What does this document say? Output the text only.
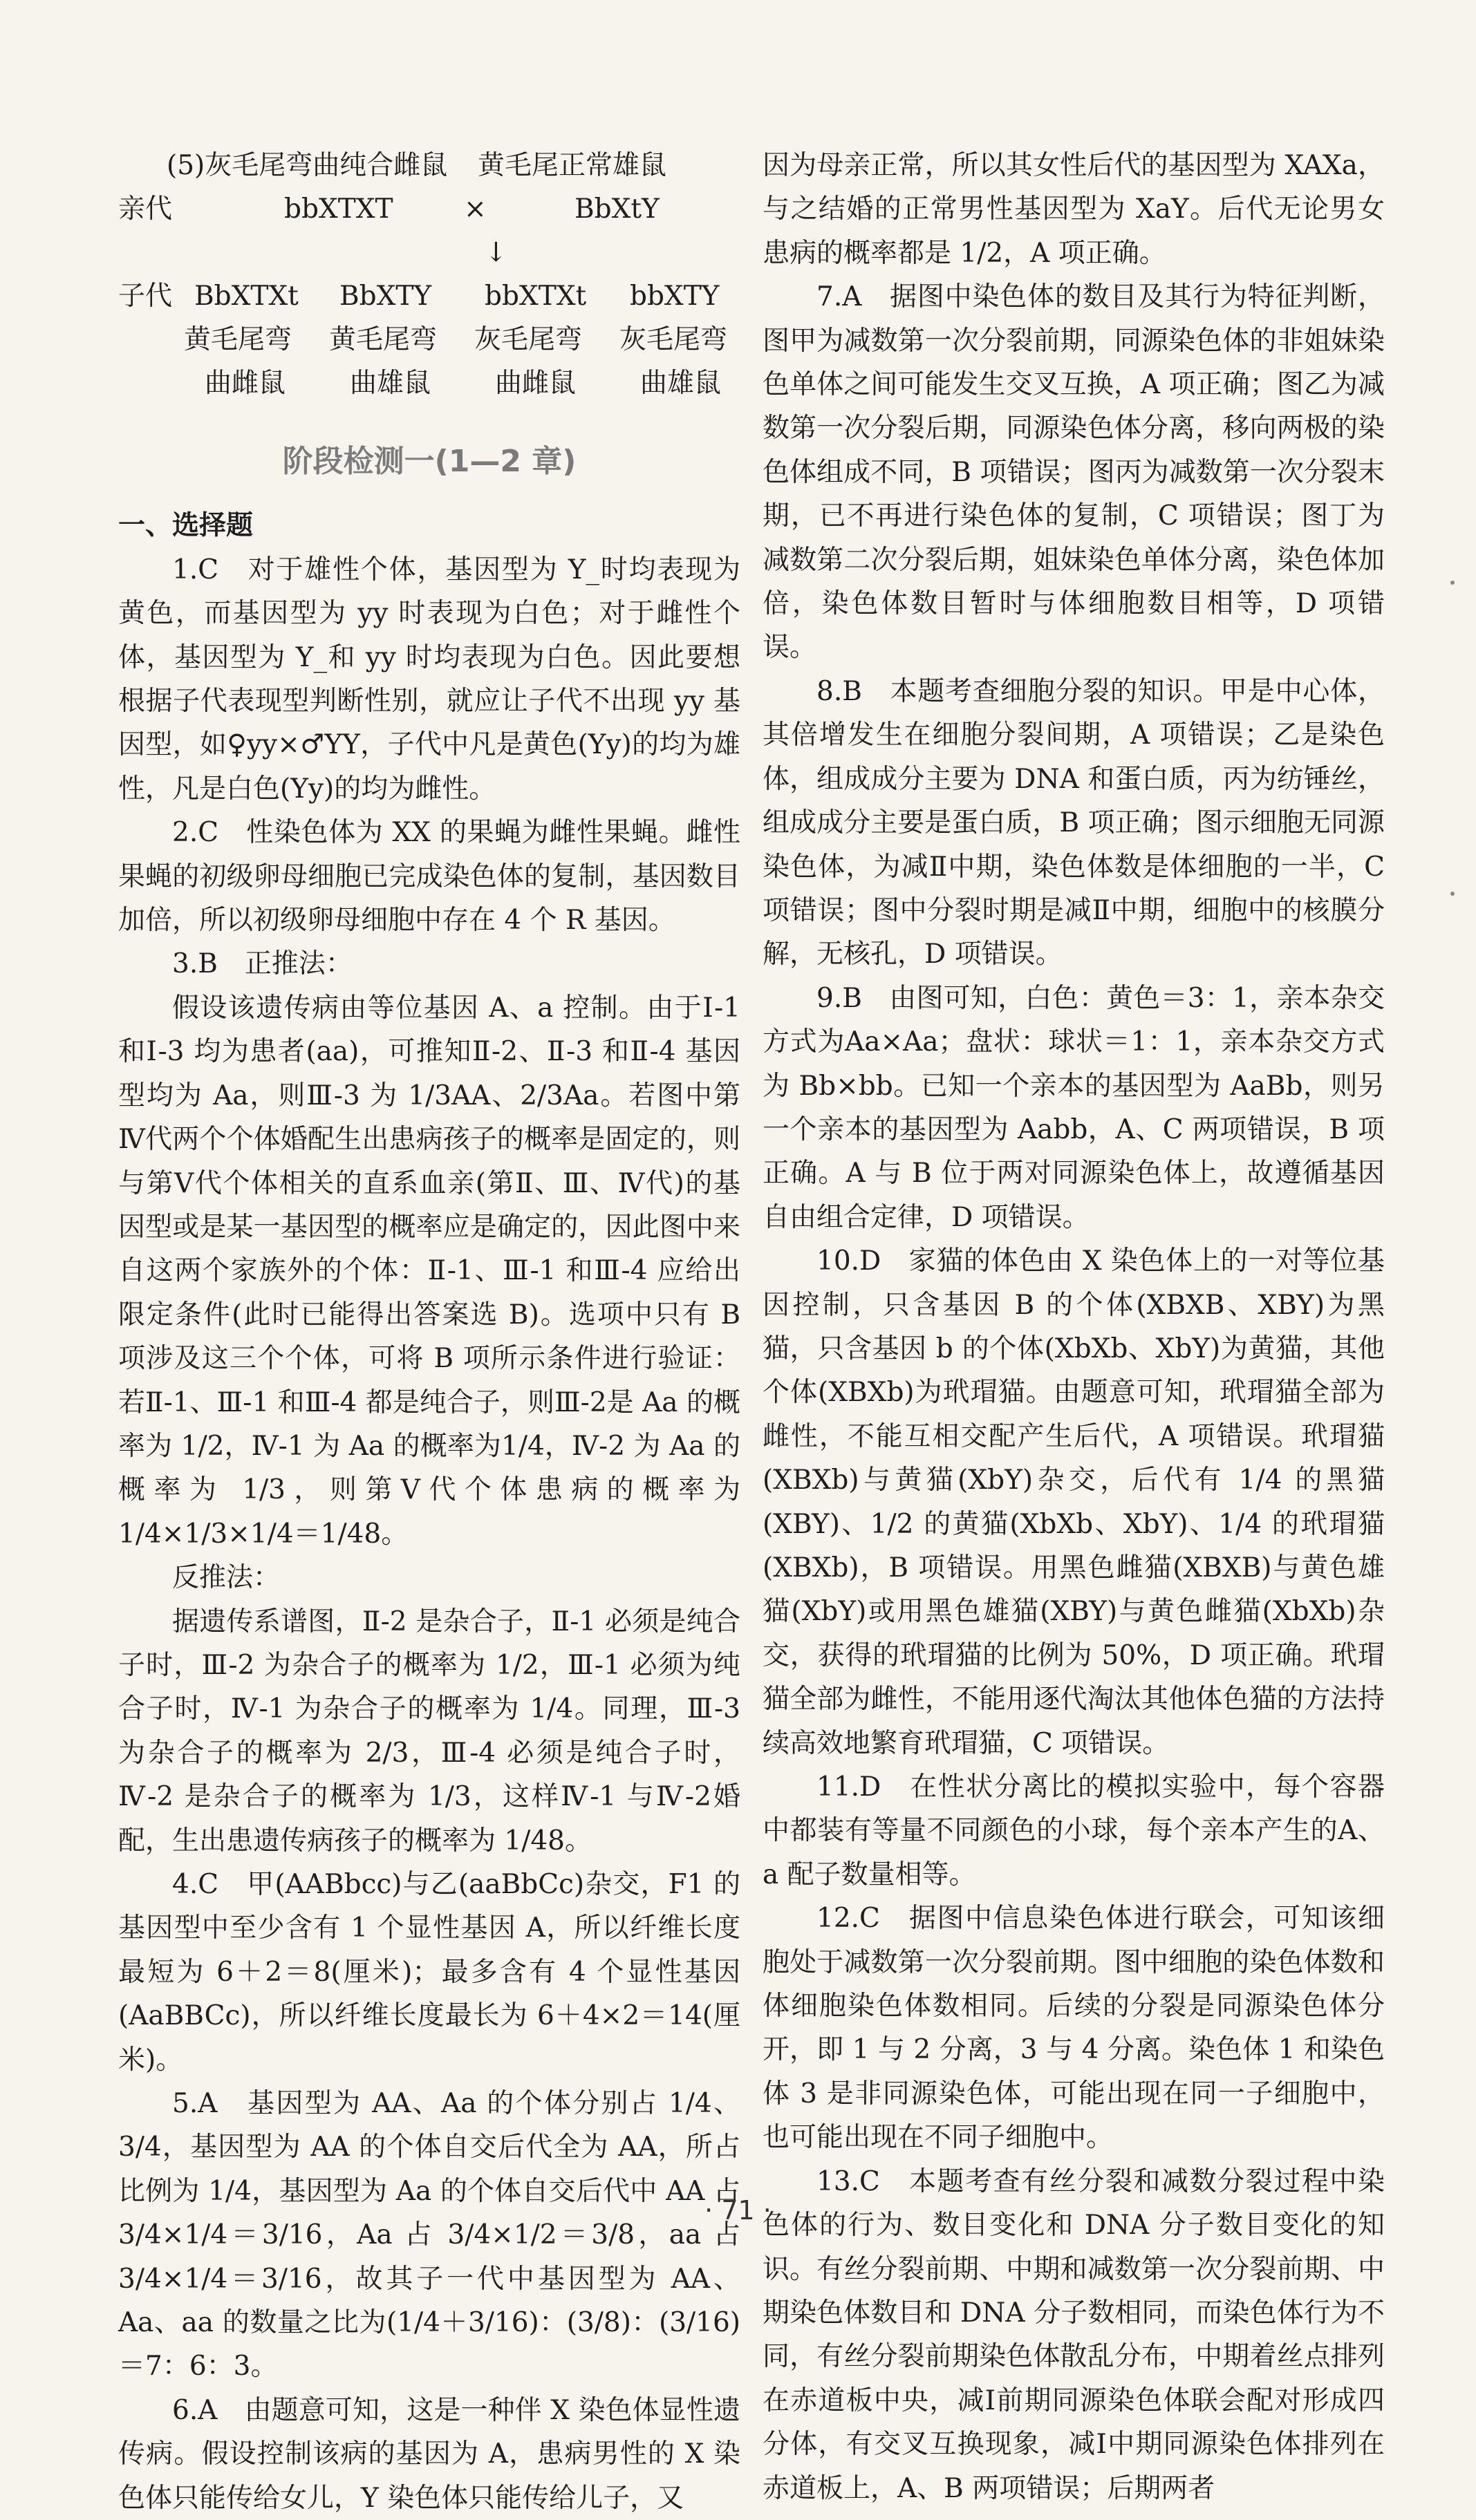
(5)灰毛尾弯曲纯合雌鼠 黄毛尾正常雄鼠
亲代	bbXTXT	×	BbXtY
↓
子代 BbXTXt BbXTY bbXTXt bbXTY
黄毛尾弯 黄毛尾弯 灰毛尾弯 灰毛尾弯
曲雌鼠 曲雄鼠 曲雌鼠 曲雄鼠
阶段检测一(1—2 章)

一、选择题

1.C　对于雄性个体，基因型为 Y_时均表现为黄色，而基因型为 yy 时表现为白色；对于雌性个体，基因型为 Y_和 yy 时均表现为白色。因此要想根据子代表现型判断性别，就应让子代不出现 yy 基因型，如♀yy×♂YY，子代中凡是黄色(Yy)的均为雄性，凡是白色(Yy)的均为雌性。

2.C　性染色体为 XX 的果蝇为雌性果蝇。雌性果蝇的初级卵母细胞已完成染色体的复制，基因数目加倍，所以初级卵母细胞中存在 4 个 R 基因。

3.B　正推法：

假设该遗传病由等位基因 A、a 控制。由于Ⅰ-1和Ⅰ-3 均为患者(aa)，可推知Ⅱ-2、Ⅱ-3 和Ⅱ-4 基因型均为 Aa，则Ⅲ-3 为 1/3AA、2/3Aa。若图中第Ⅳ代两个个体婚配生出患病孩子的概率是固定的，则与第Ⅴ代个体相关的直系血亲(第Ⅱ、Ⅲ、Ⅳ代)的基因型或是某一基因型的概率应是确定的，因此图中来自这两个家族外的个体：Ⅱ-1、Ⅲ-1 和Ⅲ-4 应给出限定条件(此时已能得出答案选 B)。选项中只有 B 项涉及这三个个体，可将 B 项所示条件进行验证：若Ⅱ-1、Ⅲ-1 和Ⅲ-4 都是纯合子，则Ⅲ-2是 Aa 的概率为 1/2，Ⅳ-1 为 Aa 的概率为1/4，Ⅳ-2 为 Aa 的概率为 1/3，则第Ⅴ代个体患病的概率为 1/4×1/3×1/4＝1/48。

反推法：

据遗传系谱图，Ⅱ-2 是杂合子，Ⅱ-1 必须是纯合子时，Ⅲ-2 为杂合子的概率为 1/2，Ⅲ-1 必须为纯合子时，Ⅳ-1 为杂合子的概率为 1/4。同理，Ⅲ-3为杂合子的概率为 2/3，Ⅲ-4 必须是纯合子时，Ⅳ-2 是杂合子的概率为 1/3，这样Ⅳ-1 与Ⅳ-2婚配，生出患遗传病孩子的概率为 1/48。

4.C　甲(AABbcc)与乙(aaBbCc)杂交，F1 的基因型中至少含有 1 个显性基因 A，所以纤维长度最短为 6＋2＝8(厘米)；最多含有 4 个显性基因(AaBBCc)，所以纤维长度最长为 6＋4×2＝14(厘米)。

5.A　基因型为 AA、Aa 的个体分别占 1/4、3/4，基因型为 AA 的个体自交后代全为 AA，所占比例为 1/4，基因型为 Aa 的个体自交后代中 AA 占 3/4×1/4＝3/16，Aa 占 3/4×1/2＝3/8，aa 占3/4×1/4＝3/16，故其子一代中基因型为 AA、Aa、aa 的数量之比为(1/4＋3/16)：(3/8)：(3/16)＝7：6：3。

6.A　由题意可知，这是一种伴 X 染色体显性遗传病。假设控制该病的基因为 A，患病男性的 X 染色体只能传给女儿，Y 染色体只能传给儿子，又

因为母亲正常，所以其女性后代的基因型为 XAXa，与之结婚的正常男性基因型为 XaY。后代无论男女患病的概率都是 1/2，A 项正确。

7.A　据图中染色体的数目及其行为特征判断，图甲为减数第一次分裂前期，同源染色体的非姐妹染色单体之间可能发生交叉互换，A 项正确；图乙为减数第一次分裂后期，同源染色体分离，移向两极的染色体组成不同，B 项错误；图丙为减数第一次分裂末期，已不再进行染色体的复制，C 项错误；图丁为减数第二次分裂后期，姐妹染色单体分离，染色体加倍，染色体数目暂时与体细胞数目相等，D 项错误。

8.B　本题考查细胞分裂的知识。甲是中心体，其倍增发生在细胞分裂间期，A 项错误；乙是染色体，组成成分主要为 DNA 和蛋白质，丙为纺锤丝，组成成分主要是蛋白质，B 项正确；图示细胞无同源染色体，为减Ⅱ中期，染色体数是体细胞的一半，C 项错误；图中分裂时期是减Ⅱ中期，细胞中的核膜分解，无核孔，D 项错误。

9.B　由图可知，白色：黄色＝3：1，亲本杂交方式为Aa×Aa；盘状：球状＝1：1，亲本杂交方式为 Bb×bb。已知一个亲本的基因型为 AaBb，则另一个亲本的基因型为 Aabb，A、C 两项错误，B 项正确。A 与 B 位于两对同源染色体上，故遵循基因自由组合定律，D 项错误。

10.D　家猫的体色由 X 染色体上的一对等位基因控制，只含基因 B 的个体(XBXB、XBY)为黑猫，只含基因 b 的个体(XbXb、XbY)为黄猫，其他个体(XBXb)为玳瑁猫。由题意可知，玳瑁猫全部为雌性，不能互相交配产生后代，A 项错误。玳瑁猫(XBXb)与黄猫(XbY)杂交，后代有 1/4 的黑猫(XBY)、1/2 的黄猫(XbXb、XbY)、1/4 的玳瑁猫(XBXb)，B 项错误。用黑色雌猫(XBXB)与黄色雄猫(XbY)或用黑色雄猫(XBY)与黄色雌猫(XbXb)杂交，获得的玳瑁猫的比例为 50%，D 项正确。玳瑁猫全部为雌性，不能用逐代淘汰其他体色猫的方法持续高效地繁育玳瑁猫，C 项错误。

11.D　在性状分离比的模拟实验中，每个容器中都装有等量不同颜色的小球，每个亲本产生的A、a 配子数量相等。

12.C　据图中信息染色体进行联会，可知该细胞处于减数第一次分裂前期。图中细胞的染色体数和体细胞染色体数相同。后续的分裂是同源染色体分开，即 1 与 2 分离，3 与 4 分离。染色体 1 和染色体 3 是非同源染色体，可能出现在同一子细胞中，也可能出现在不同子细胞中。

13.C　本题考查有丝分裂和减数分裂过程中染色体的行为、数目变化和 DNA 分子数目变化的知识。有丝分裂前期、中期和减数第一次分裂前期、中期染色体数目和 DNA 分子数相同，而染色体行为不同，有丝分裂前期染色体散乱分布，中期着丝点排列在赤道板中央，减Ⅰ前期同源染色体联会配对形成四分体，有交叉互换现象，减Ⅰ中期同源染色体排列在赤道板上，A、B 两项错误；后期两者

· 71 ·
